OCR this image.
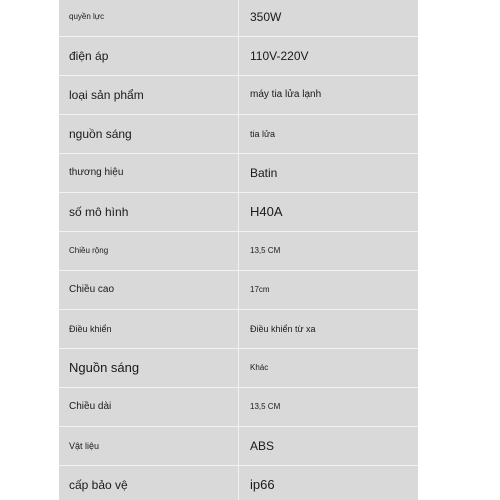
quyền lực	350W
điện áp	110V-220V
loại sản phẩm	máy tia lửa lạnh
nguồn sáng	tia lửa
thương hiệu	Batin
số mô hình	H40A
Chiều rộng	13,5 CM
Chiều cao	17cm
Điều khiển	Điều khiển từ xa
Nguồn sáng	Khác
Chiều dài	13,5 CM
Vật liệu	ABS
cấp bảo vệ	ip66
